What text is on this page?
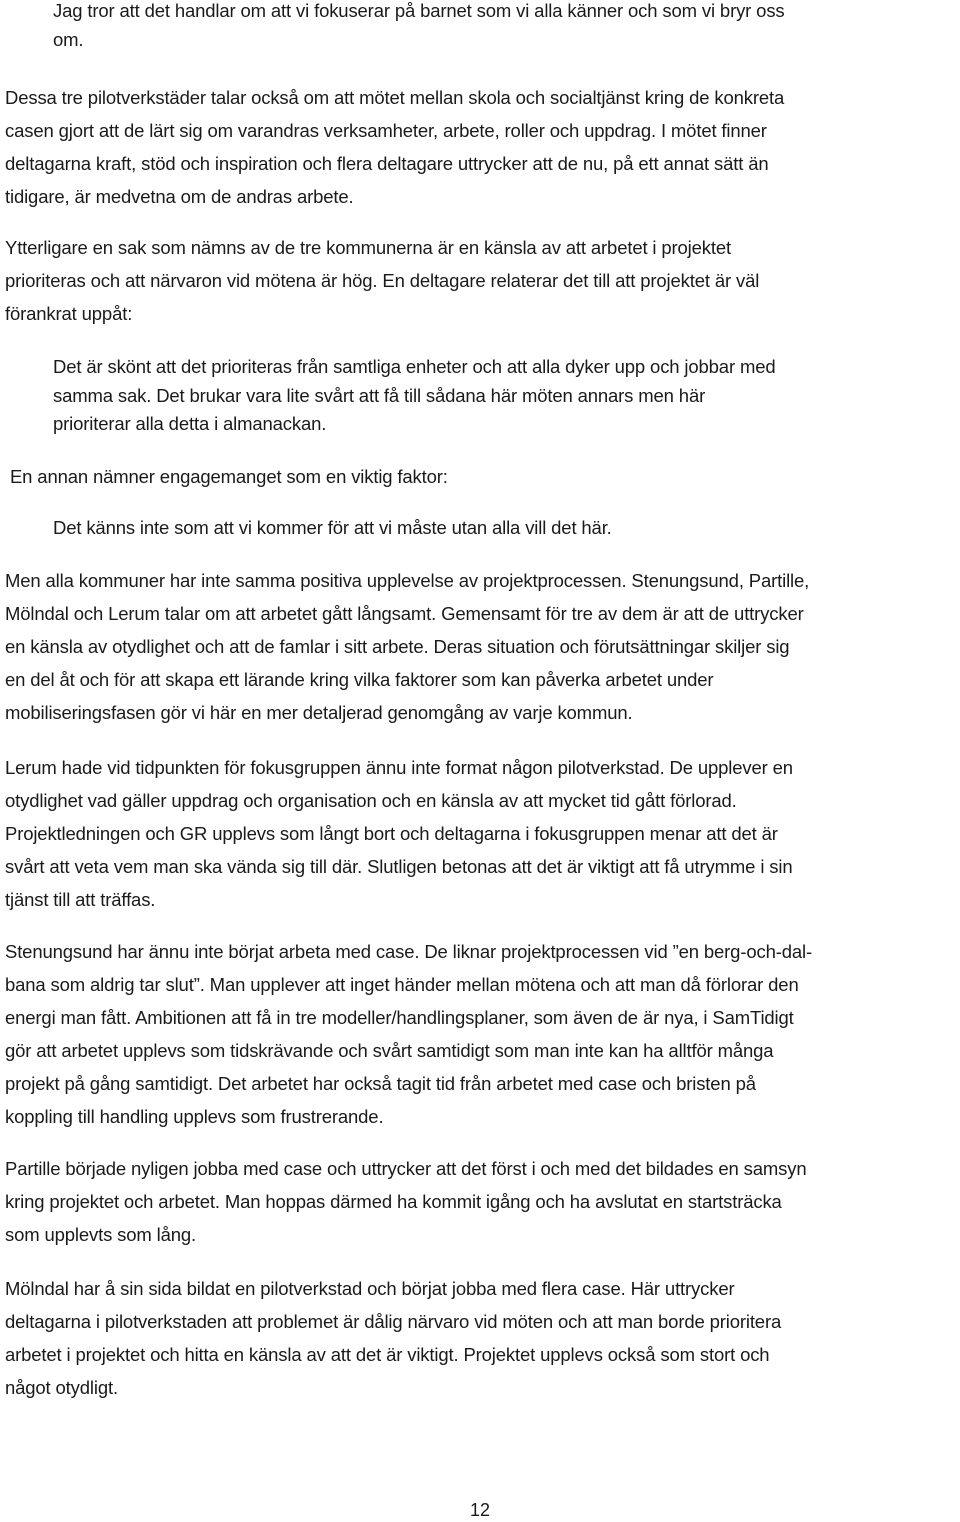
Jag tror att det handlar om att vi fokuserar på barnet som vi alla känner och som vi bryr oss
om.

Dessa tre pilotverkstäder talar också om att mötet mellan skola och socialtjänst kring de konkreta
casen gjort att de lärt sig om varandras verksamheter, arbete, roller och uppdrag. I mötet finner
deltagarna kraft, stöd och inspiration och flera deltagare uttrycker att de nu, på ett annat sätt än
tidigare, är medvetna om de andras arbete.

Ytterligare en sak som nämns av de tre kommunerna är en känsla av att arbetet i projektet
prioriteras och att närvaron vid mötena är hög. En deltagare relaterar det till att projektet är väl
förankrat uppåt:

Det är skönt att det prioriteras från samtliga enheter och att alla dyker upp och jobbar med
samma sak. Det brukar vara lite svårt att få till sådana här möten annars men här
prioriterar alla detta i almanackan.

En annan nämner engagemanget som en viktig faktor:

Det känns inte som att vi kommer för att vi måste utan alla vill det här.

Men alla kommuner har inte samma positiva upplevelse av projektprocessen. Stenungsund, Partille,
Mölndal och Lerum talar om att arbetet gått långsamt. Gemensamt för tre av dem är att de uttrycker
en känsla av otydlighet och att de famlar i sitt arbete. Deras situation och förutsättningar skiljer sig
en del åt och för att skapa ett lärande kring vilka faktorer som kan påverka arbetet under
mobiliseringsfasen gör vi här en mer detaljerad genomgång av varje kommun.

Lerum hade vid tidpunkten för fokusgruppen ännu inte format någon pilotverkstad. De upplever en
otydlighet vad gäller uppdrag och organisation och en känsla av att mycket tid gått förlorad.
Projektledningen och GR upplevs som långt bort och deltagarna i fokusgruppen menar att det är
svårt att veta vem man ska vända sig till där. Slutligen betonas att det är viktigt att få utrymme i sin
tjänst till att träffas.

Stenungsund har ännu inte börjat arbeta med case. De liknar projektprocessen vid ”en berg-och-dal-
bana som aldrig tar slut”. Man upplever att inget händer mellan mötena och att man då förlorar den
energi man fått. Ambitionen att få in tre modeller/handlingsplaner, som även de är nya, i SamTidigt
gör att arbetet upplevs som tidskrävande och svårt samtidigt som man inte kan ha alltför många
projekt på gång samtidigt. Det arbetet har också tagit tid från arbetet med case och bristen på
koppling till handling upplevs som frustrerande.

Partille började nyligen jobba med case och uttrycker att det först i och med det bildades en samsyn
kring projektet och arbetet. Man hoppas därmed ha kommit igång och ha avslutat en startsträcka
som upplevts som lång.

Mölndal har å sin sida bildat en pilotverkstad och börjat jobba med flera case. Här uttrycker
deltagarna i pilotverkstaden att problemet är dålig närvaro vid möten och att man borde prioritera
arbetet i projektet och hitta en känsla av att det är viktigt. Projektet upplevs också som stort och
något otydligt.

12
